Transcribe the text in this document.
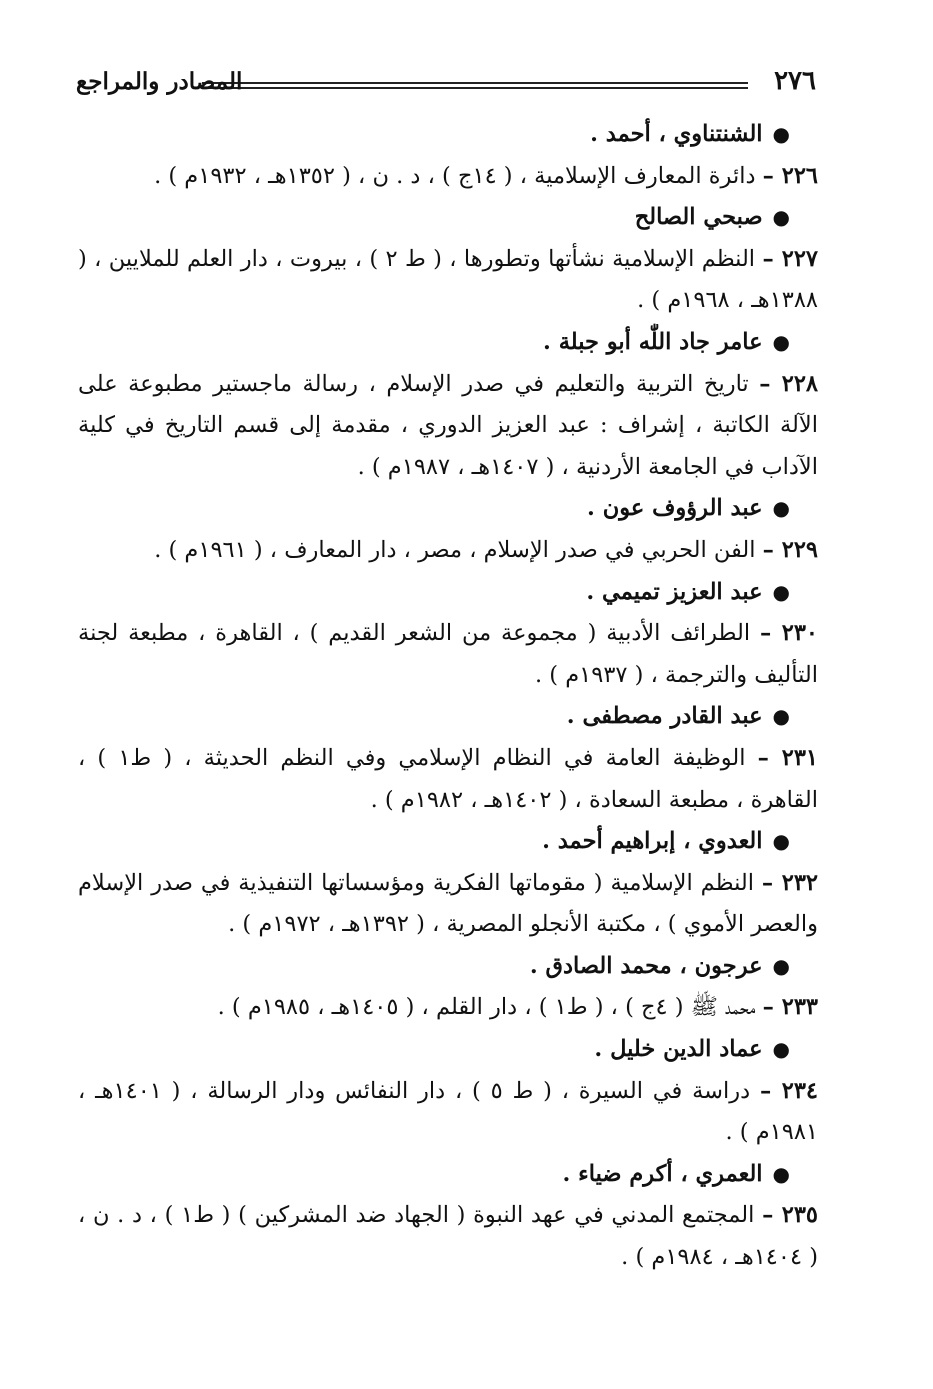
٢٧٦
المصادر والمراجع
●الشنتناوي ، أحمد .
٢٢٦ – دائرة المعارف الإسلامية ، ( ١٤ج ) ، د . ن ، ( ١٣٥٢هـ ، ١٩٣٢م ) .
●صبحي الصالح
٢٢٧ – النظم الإسلامية نشأتها وتطورها ، ( ط ٢ ) ، بيروت ، دار العلم للملايين ، ( ١٣٨٨هـ ، ١٩٦٨م ) .
●عامر جاد اللّٰه أبو جبلة .
٢٢٨ – تاريخ التربية والتعليم في صدر الإسلام ، رسالة ماجستير مطبوعة على الآلة الكاتبة ، إشراف : عبد العزيز الدوري ، مقدمة إلى قسم التاريخ في كلية الآداب في الجامعة الأردنية ، ( ١٤٠٧هـ ، ١٩٨٧م ) .
●عبد الرؤوف عون .
٢٢٩ – الفن الحربي في صدر الإسلام ، مصر ، دار المعارف ، ( ١٩٦١م ) .
●عبد العزيز تميمي .
٢٣٠ – الطرائف الأدبية ( مجموعة من الشعر القديم ) ، القاهرة ، مطبعة لجنة التأليف والترجمة ، ( ١٩٣٧م ) .
●عبد القادر مصطفى .
٢٣١ – الوظيفة العامة في النظام الإسلامي وفي النظم الحديثة ، ( ط١ ) ، القاهرة ، مطبعة السعادة ، ( ١٤٠٢هـ ، ١٩٨٢م ) .
●العدوي ، إبراهيم أحمد .
٢٣٢ – النظم الإسلامية ( مقوماتها الفكرية ومؤسساتها التنفيذية في صدر الإسلام والعصر الأموي ) ، مكتبة الأنجلو المصرية ، ( ١٣٩٢هـ ، ١٩٧٢م ) .
●عرجون ، محمد الصادق .
٢٣٣ – محمد ﷺ ( ٤ج ) ، ( ط١ ) ، دار القلم ، ( ١٤٠٥هـ ، ١٩٨٥م ) .
●عماد الدين خليل .
٢٣٤ – دراسة في السيرة ، ( ط ٥ ) ، دار النفائس ودار الرسالة ، ( ١٤٠١هـ ، ١٩٨١م ) .
●العمري ، أكرم ضياء .
٢٣٥ – المجتمع المدني في عهد النبوة ( الجهاد ضد المشركين ) ( ط١ ) ، د . ن ، ( ١٤٠٤هـ ، ١٩٨٤م ) .
